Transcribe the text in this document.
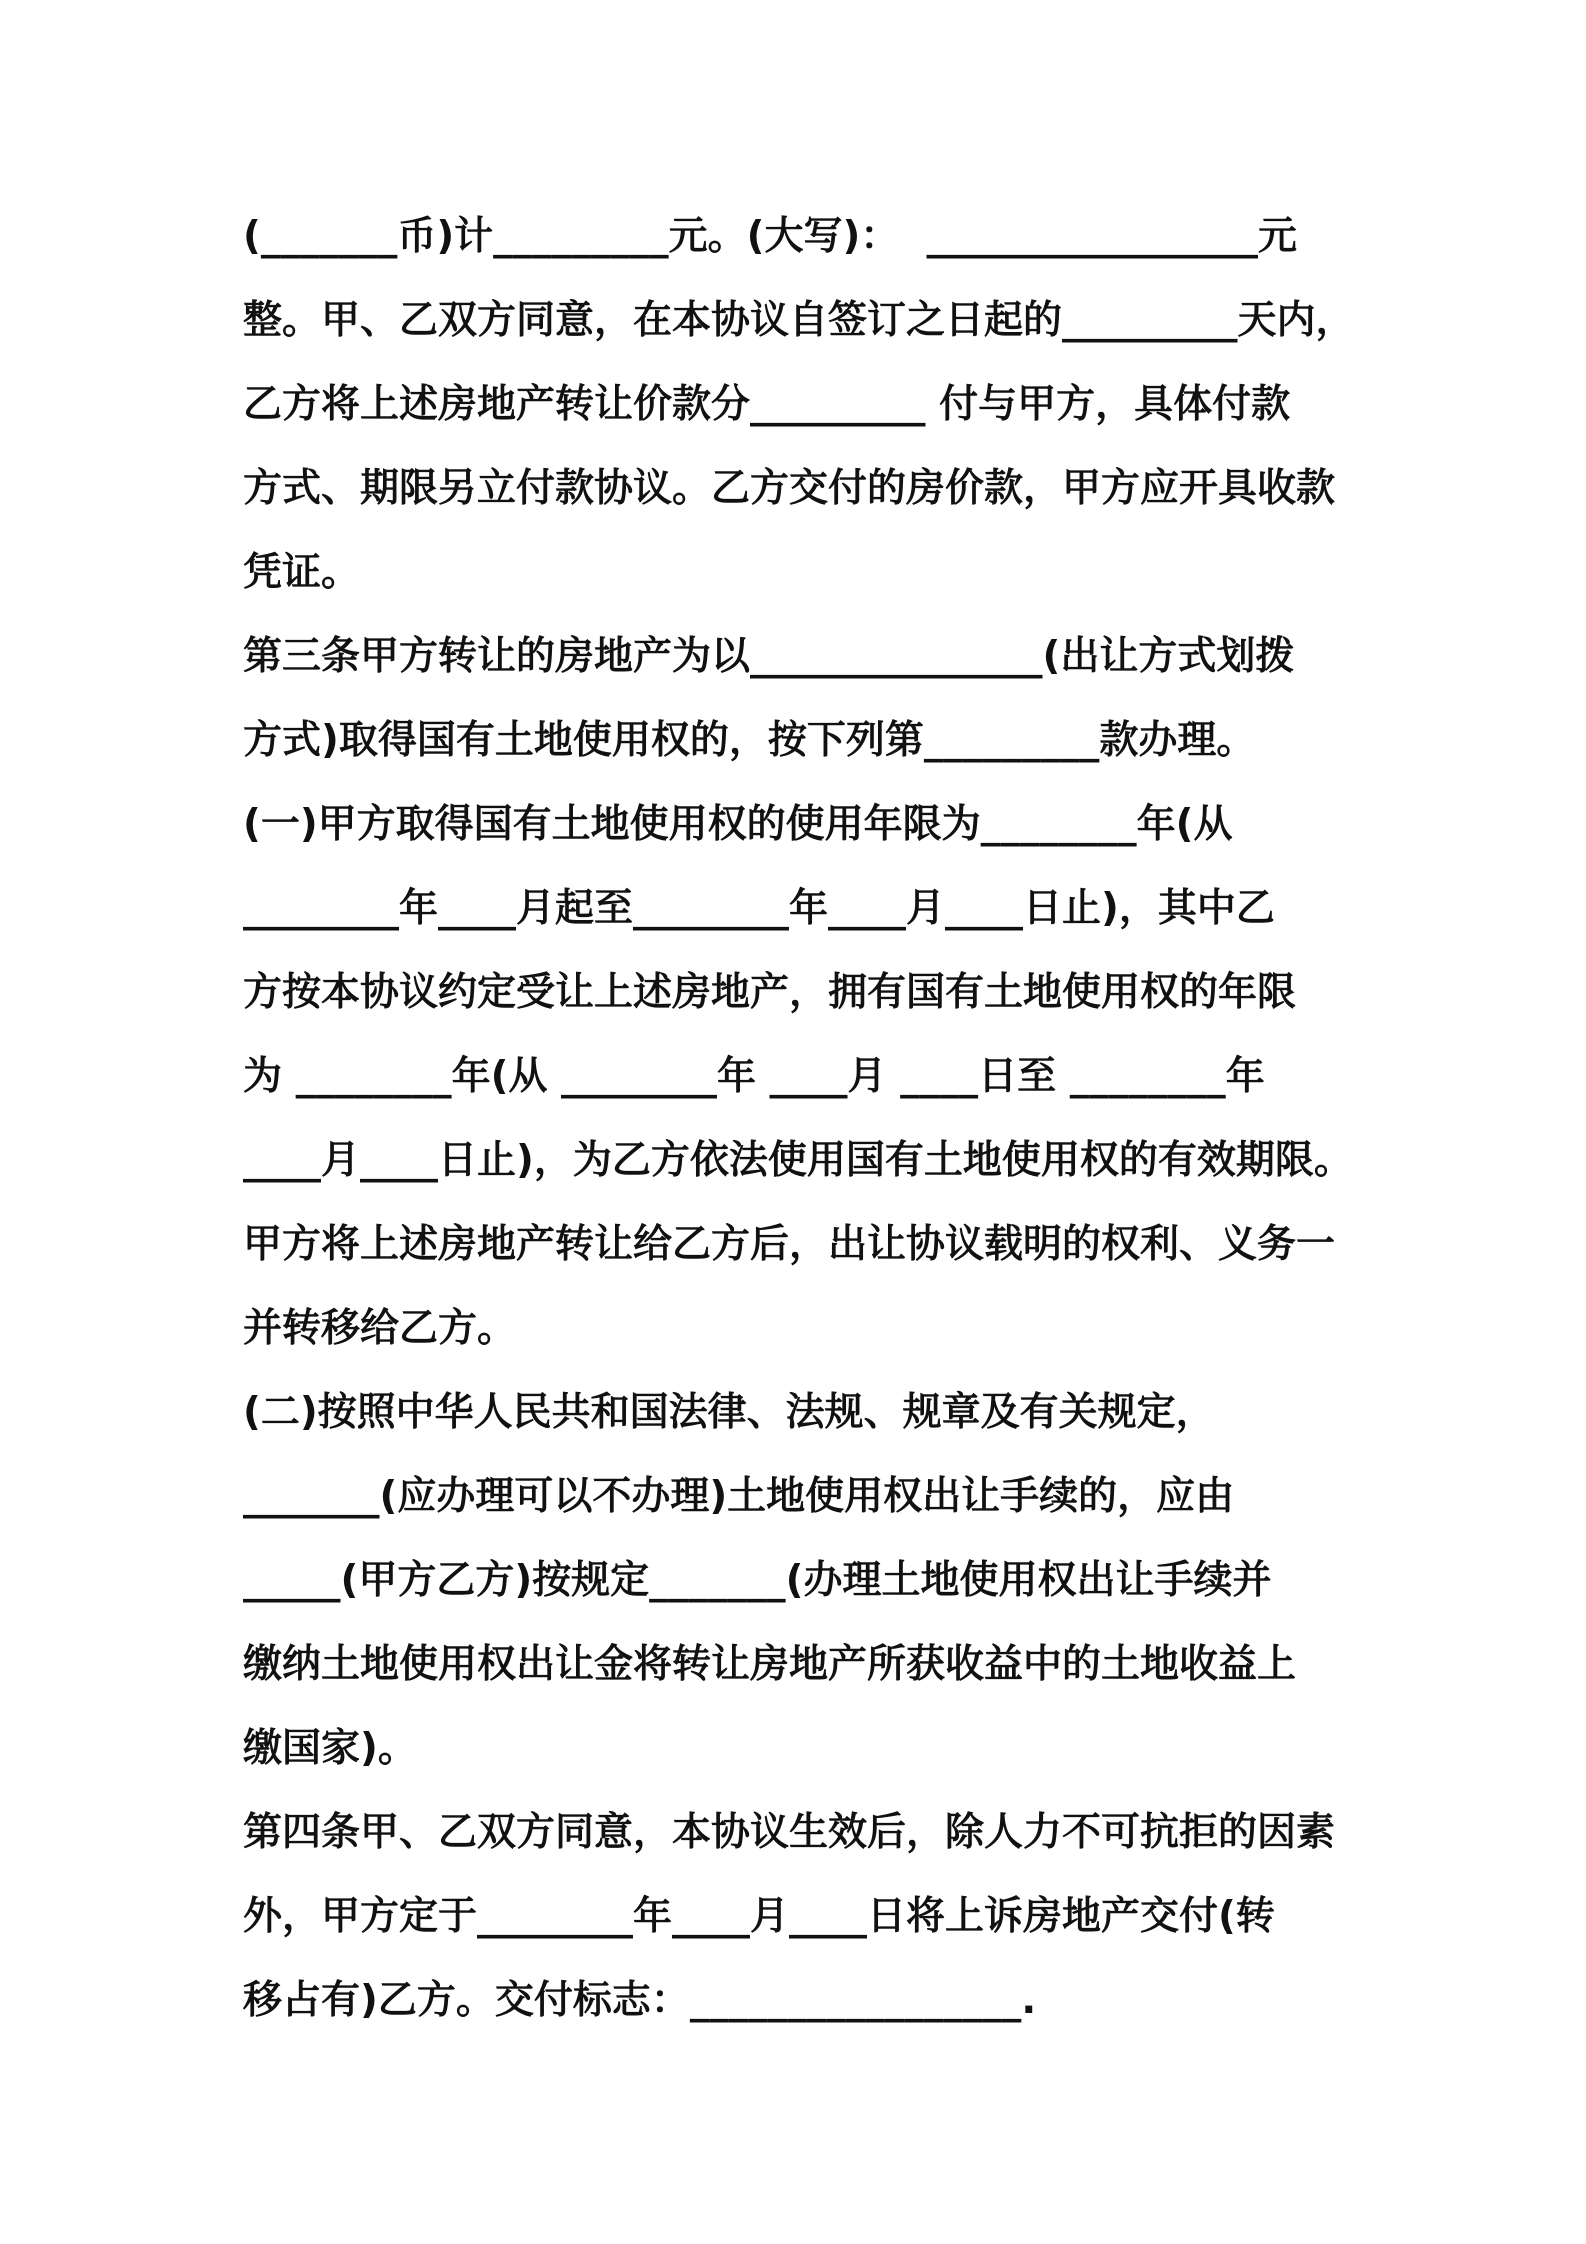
(_______币)计_________元。(大写)：  _________________元
整。甲、乙双方同意，在本协议自签订之日起的_________天内，
乙方将上述房地产转让价款分_________ 付与甲方，具体付款
方式、期限另立付款协议。乙方交付的房价款，甲方应开具收款
凭证。
第三条甲方转让的房地产为以_______________(出让方式划拨
方式)取得国有土地使用权的，按下列第_________款办理。
(一)甲方取得国有土地使用权的使用年限为________年(从
________年____月起至________年____月____日止)，其中乙
方按本协议约定受让上述房地产，拥有国有土地使用权的年限
为 ________年(从 ________年 ____月 ____日至 ________年
____月____日止)，为乙方依法使用国有土地使用权的有效期限。
甲方将上述房地产转让给乙方后，出让协议载明的权利、义务一
并转移给乙方。
(二)按照中华人民共和国法律、法规、规章及有关规定，
_______(应办理可以不办理)土地使用权出让手续的，应由
_____(甲方乙方)按规定_______(办理土地使用权出让手续并
缴纳土地使用权出让金将转让房地产所获收益中的土地收益上
缴国家)。
第四条甲、乙双方同意，本协议生效后，除人力不可抗拒的因素
外，甲方定于________年____月____日将上诉房地产交付(转
移占有)乙方。交付标志：_________________.
